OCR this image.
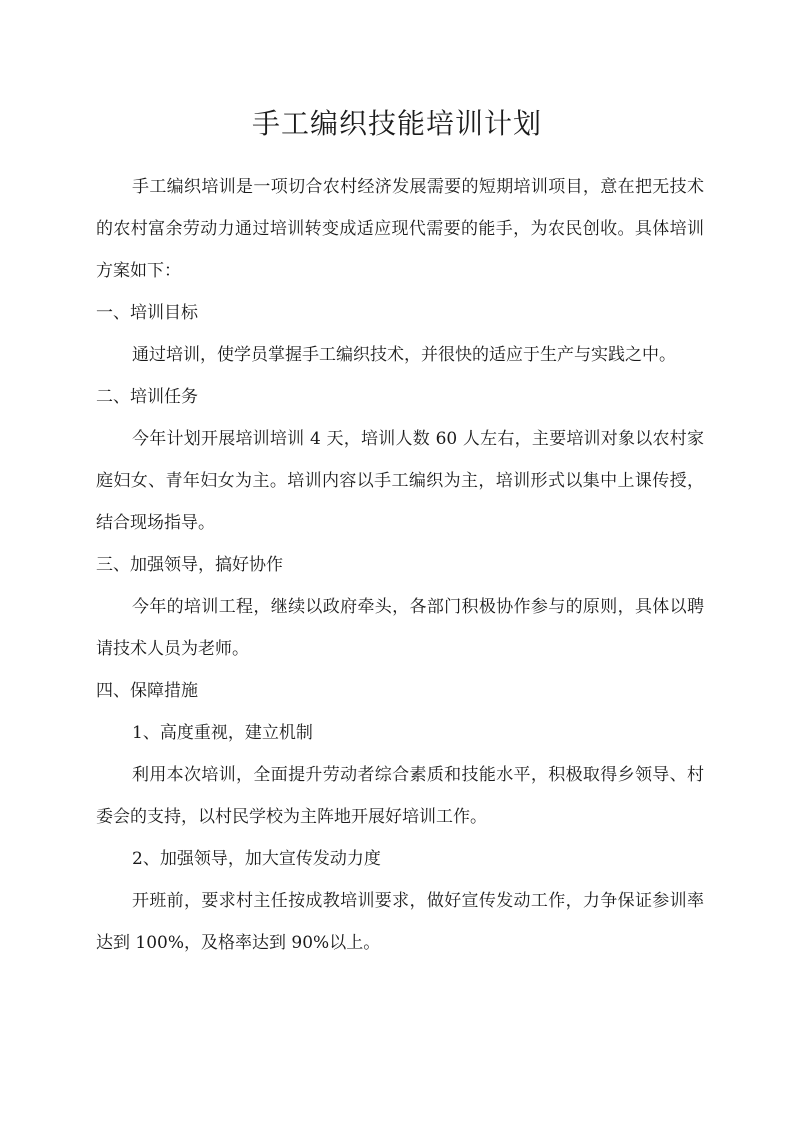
手工编织技能培训计划

手工编织培训是一项切合农村经济发展需要的短期培训项目，意在把无技术的农村富余劳动力通过培训转变成适应现代需要的能手，为农民创收。具体培训方案如下：

一、培训目标

通过培训，使学员掌握手工编织技术，并很快的适应于生产与实践之中。

二、培训任务

今年计划开展培训培训 4 天，培训人数 60 人左右，主要培训对象以农村家庭妇女、青年妇女为主。培训内容以手工编织为主，培训形式以集中上课传授，结合现场指导。

三、加强领导，搞好协作

今年的培训工程，继续以政府牵头，各部门积极协作参与的原则，具体以聘请技术人员为老师。

四、保障措施

1、高度重视，建立机制

利用本次培训，全面提升劳动者综合素质和技能水平，积极取得乡领导、村委会的支持，以村民学校为主阵地开展好培训工作。

2、加强领导，加大宣传发动力度

开班前，要求村主任按成教培训要求，做好宣传发动工作，力争保证参训率达到 100%，及格率达到 90%以上。
